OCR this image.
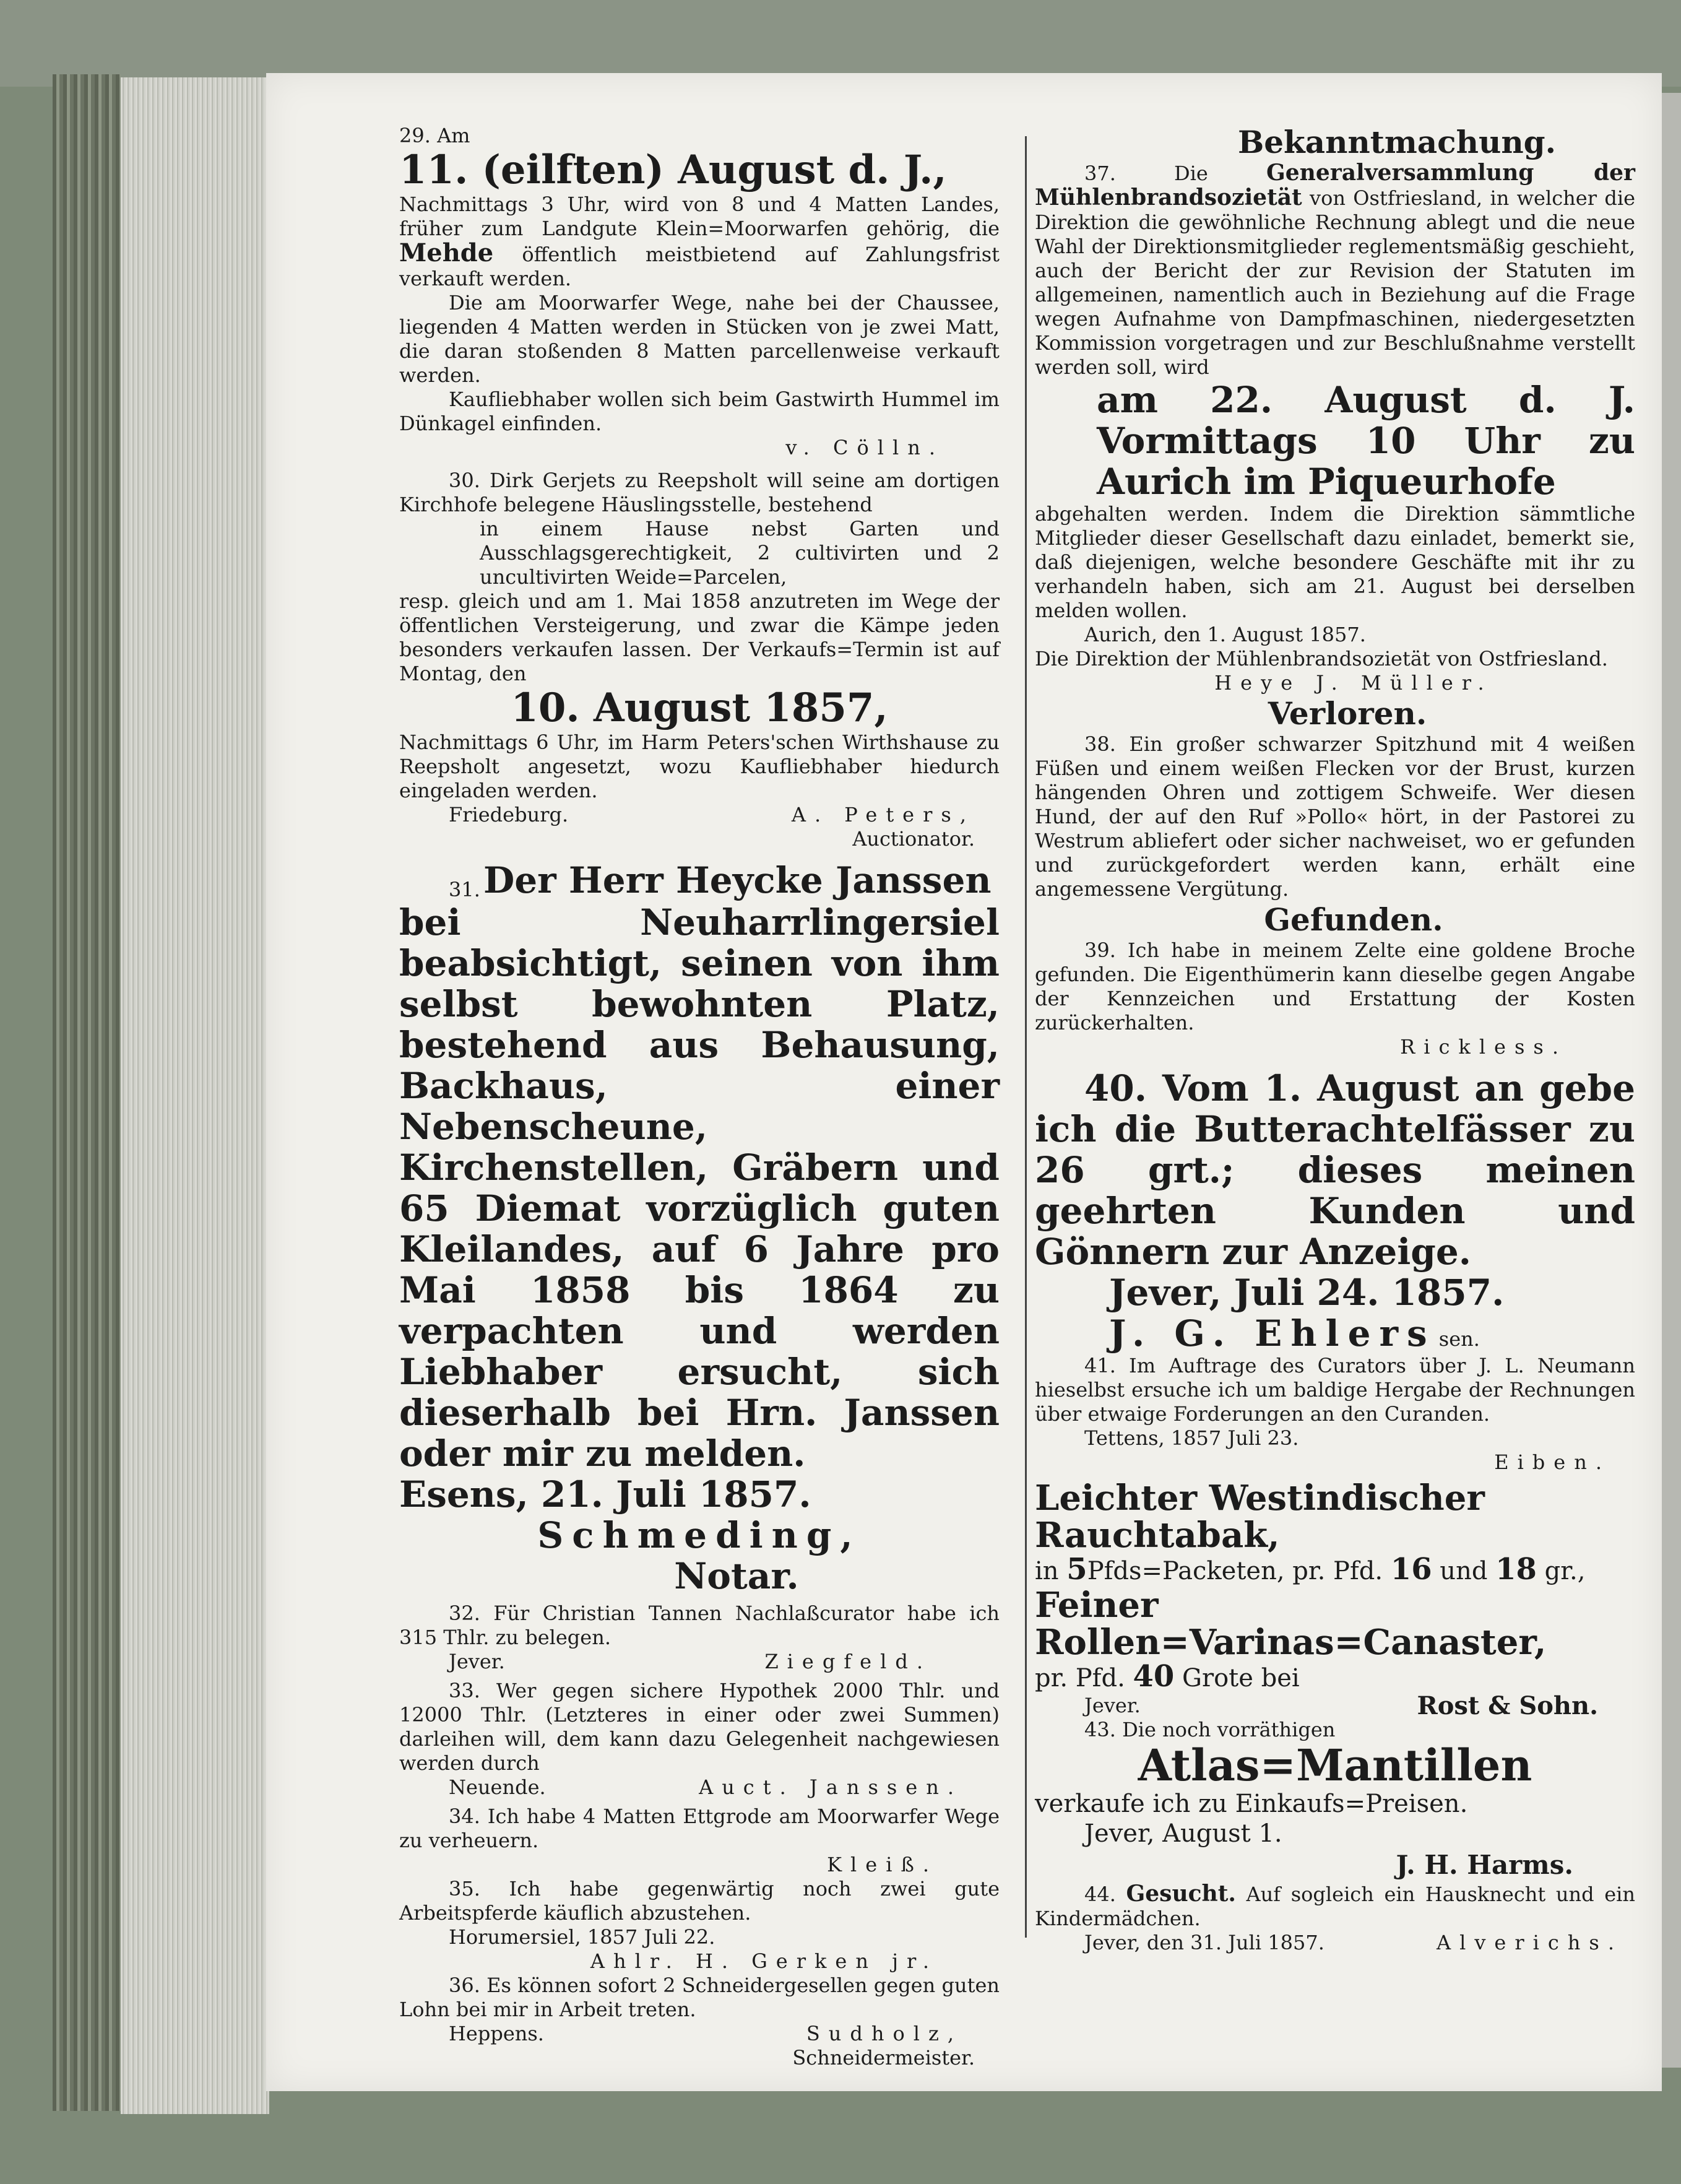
29. Am
11. (eilften) August d. J.,
Nachmittags 3 Uhr, wird von 8 und 4 Matten Landes, früher zum Landgute Klein=Moorwarfen gehörig, die Mehde öffentlich meistbietend auf Zahlungsfrist verkauft werden.
Die am Moorwarfer Wege, nahe bei der Chaussee, liegenden 4 Matten werden in Stücken von je zwei Matt, die daran stoßenden 8 Matten parcellenweise verkauft werden.
Kaufliebhaber wollen sich beim Gastwirth Hummel im Dünkagel einfinden.
v. Cölln.
30. Dirk Gerjets zu Reepsholt will seine am dortigen Kirchhofe belegene Häuslingsstelle, bestehend
in einem Hause nebst Garten und Ausschlagsgerechtigkeit, 2 cultivirten und 2 uncultivirten Weide=Parcelen,
resp. gleich und am 1. Mai 1858 anzutreten im Wege der öffentlichen Versteigerung, und zwar die Kämpe jeden besonders verkaufen lassen. Der Verkaufs=Termin ist auf Montag, den
10. August 1857,
Nachmittags 6 Uhr, im Harm Peters'schen Wirthshause zu Reepsholt angesetzt, wozu Kaufliebhaber hiedurch eingeladen werden.
Friedeburg.	A. Peters,
Auctionator.
31. Der Herr Heycke Janssen
bei Neuharrlingersiel beabsichtigt, seinen von ihm selbst bewohnten Platz, bestehend aus Behausung, Backhaus, einer Nebenscheune, Kirchenstellen, Gräbern und 65 Diemat vorzüglich guten Kleilandes, auf 6 Jahre pro Mai 1858 bis 1864 zu verpachten und werden Liebhaber ersucht, sich dieserhalb bei Hrn. Janssen oder mir zu melden.
Esens, 21. Juli 1857.
Schmeding,
Notar.
32. Für Christian Tannen Nachlaßcurator habe ich 315 Thlr. zu belegen.
Jever.	Ziegfeld.
33. Wer gegen sichere Hypothek 2000 Thlr. und 12000 Thlr. (Letzteres in einer oder zwei Summen) darleihen will, dem kann dazu Gelegenheit nachgewiesen werden durch
Neuende.	Auct. Janssen.
34. Ich habe 4 Matten Ettgrode am Moorwarfer Wege zu verheuern.
Kleiß.
35. Ich habe gegenwärtig noch zwei gute Arbeitspferde käuflich abzustehen.
Horumersiel, 1857 Juli 22.
Ahlr. H. Gerken jr.
36. Es können sofort 2 Schneidergesellen gegen guten Lohn bei mir in Arbeit treten.
Heppens.	Sudholz,
Schneidermeister.
Bekanntmachung.
37. Die Generalversammlung der Mühlenbrandsozietät von Ostfriesland, in welcher die Direktion die gewöhnliche Rechnung ablegt und die neue Wahl der Direktionsmitglieder reglementsmäßig geschieht, auch der Bericht der zur Revision der Statuten im allgemeinen, namentlich auch in Beziehung auf die Frage wegen Aufnahme von Dampfmaschinen, niedergesetzten Kommission vorgetragen und zur Beschlußnahme verstellt werden soll, wird
am 22. August d. J. Vormittags 10 Uhr zu Aurich im Piqueurhofe
abgehalten werden. Indem die Direktion sämmtliche Mitglieder dieser Gesellschaft dazu einladet, bemerkt sie, daß diejenigen, welche besondere Geschäfte mit ihr zu verhandeln haben, sich am 21. August bei derselben melden wollen.
Aurich, den 1. August 1857.
Die Direktion der Mühlenbrandsozietät von Ostfriesland.
Heye J. Müller.
Verloren.
38. Ein großer schwarzer Spitzhund mit 4 weißen Füßen und einem weißen Flecken vor der Brust, kurzen hängenden Ohren und zottigem Schweife. Wer diesen Hund, der auf den Ruf »Pollo« hört, in der Pastorei zu Westrum abliefert oder sicher nachweiset, wo er gefunden und zurückgefordert werden kann, erhält eine angemessene Vergütung.
Gefunden.
39. Ich habe in meinem Zelte eine goldene Broche gefunden. Die Eigenthümerin kann dieselbe gegen Angabe der Kennzeichen und Erstattung der Kosten zurückerhalten.
Rickless.
40. Vom 1. August an gebe ich die Butterachtelfässer zu 26 grt.; dieses meinen geehrten Kunden und Gönnern zur Anzeige.
Jever, Juli 24. 1857.
J. G. Ehlers sen.
41. Im Auftrage des Curators über J. L. Neumann hieselbst ersuche ich um baldige Hergabe der Rechnungen über etwaige Forderungen an den Curanden.
Tettens, 1857 Juli 23.
Eiben.
Leichter Westindischer Rauchtabak,
in 5Pfds=Packeten, pr. Pfd. 16 und 18 gr.,
Feiner Rollen=Varinas=Canaster,
pr. Pfd. 40 Grote bei
Jever.	Rost & Sohn.
43. Die noch vorräthigen
Atlas=Mantillen
verkaufe ich zu Einkaufs=Preisen.
Jever, August 1.
J. H. Harms.
44. Gesucht. Auf sogleich ein Hausknecht und ein Kindermädchen.
Jever, den 31. Juli 1857.	Alverichs.
